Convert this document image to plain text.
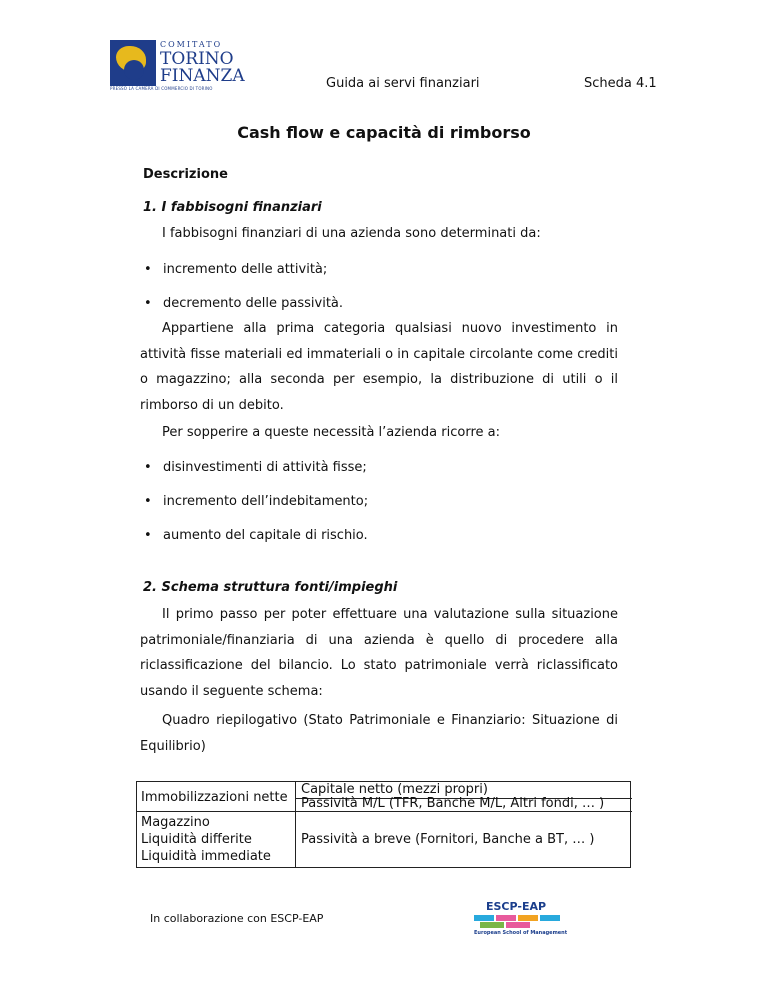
COMITATO
TORINO
FINANZA
PRESSO LA CAMERA DI COMMERCIO DI TORINO	Guida ai servi finanziari	Scheda 4.1
Cash flow e capacità di rimborso
Descrizione
1. I fabbisogni finanziari
I fabbisogni finanziari di una azienda sono determinati da:
• incremento delle attività;
• decremento delle passività.

Appartiene alla prima categoria qualsiasi nuovo investimento in attività fisse materiali ed immateriali o in capitale circolante come crediti o magazzino; alla seconda per esempio, la distribuzione di utili o il rimborso di un debito.

Per sopperire a queste necessità l’azienda ricorre a:
• disinvestimenti di attività fisse;
• incremento dell’indebitamento;
• aumento del capitale di rischio.
2. Schema struttura fonti/impieghi

Il primo passo per poter effettuare una valutazione sulla situazione patrimoniale/finanziaria di una azienda è quello di procedere alla riclassificazione del bilancio. Lo stato patrimoniale verrà riclassificato usando il seguente schema:

Quadro riepilogativo (Stato Patrimoniale e Finanziario: Situazione di Equilibrio)

Immobilizzazioni nette
Magazzino
Liquidità differite
Liquidità immediate
Capitale netto (mezzi propri)
Passività M/L (TFR, Banche M/L, Altri fondi, … )
Passività a breve (Fornitori, Banche a BT, … )
In collaborazione con ESCP-EAP
ESCP-EAP
European School of Management
